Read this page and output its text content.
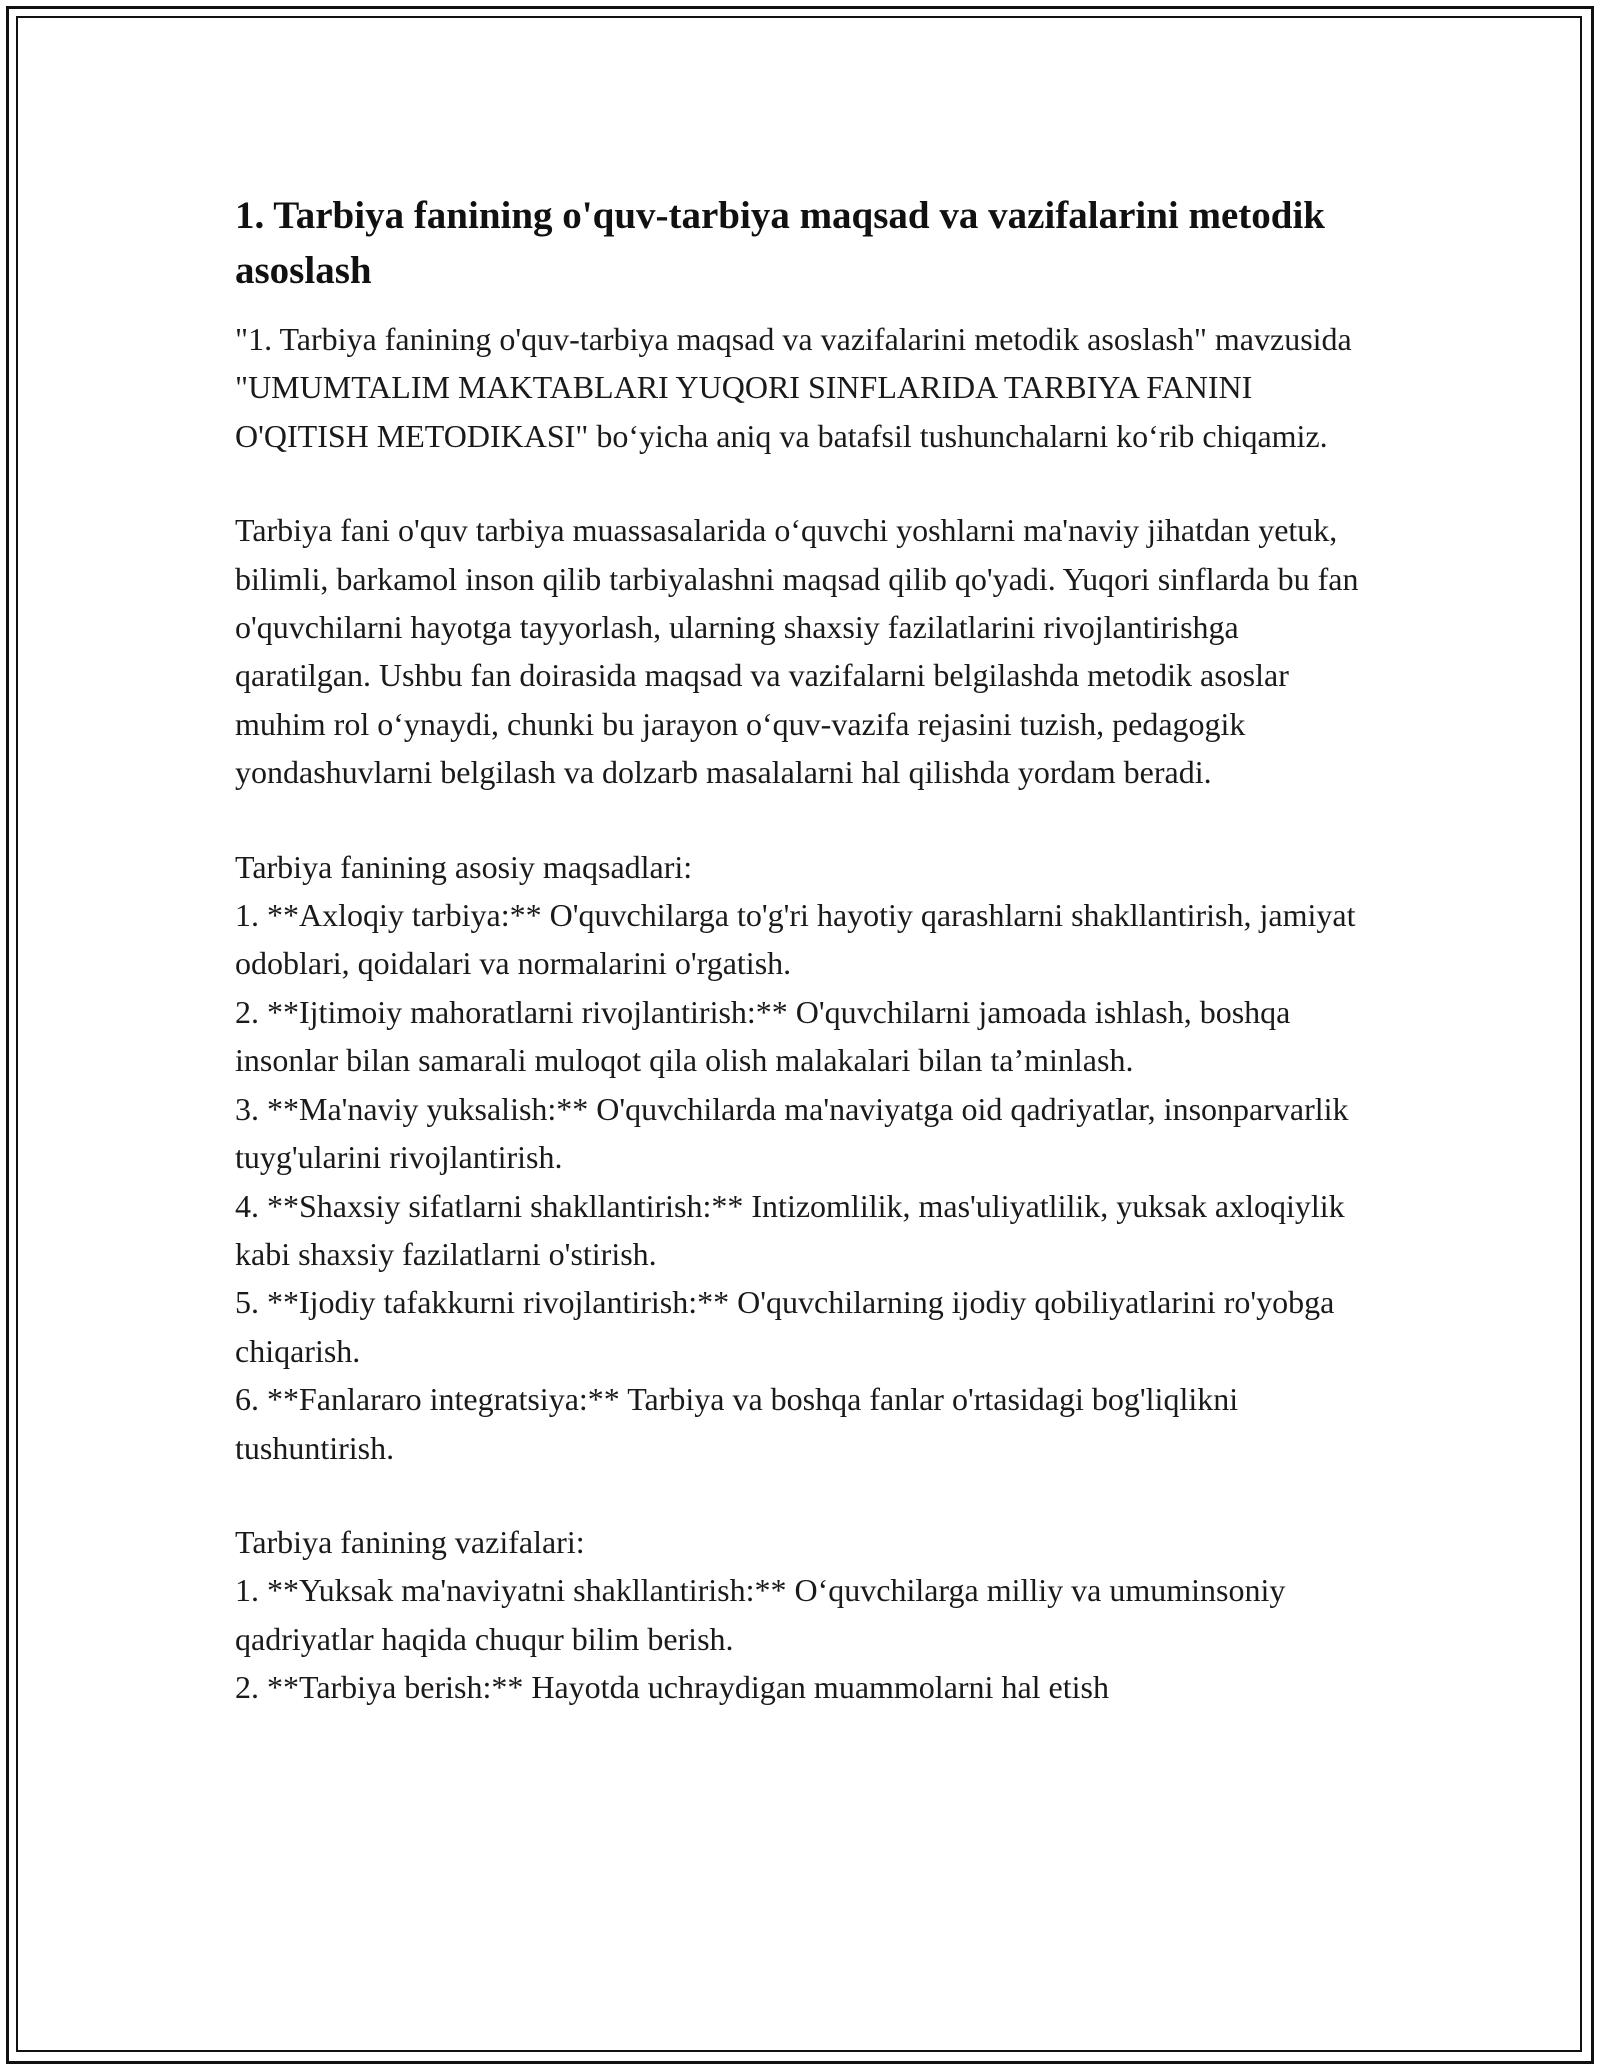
1. Tarbiya fanining o'quv-tarbiya maqsad va vazifalarini metodik asoslash

"1. Tarbiya fanining o'quv-tarbiya maqsad va vazifalarini metodik asoslash" mavzusida "UMUMTALIM MAKTABLARI YUQORI SINFLARIDA TARBIYA FANINI O'QITISH METODIKASI" bo‘yicha aniq va batafsil tushunchalarni ko‘rib chiqamiz.

Tarbiya fani o'quv tarbiya muassasalarida o‘quvchi yoshlarni ma'naviy jihatdan yetuk, bilimli, barkamol inson qilib tarbiyalashni maqsad qilib qo'yadi. Yuqori sinflarda bu fan o'quvchilarni hayotga tayyorlash, ularning shaxsiy fazilatlarini rivojlantirishga qaratilgan. Ushbu fan doirasida maqsad va vazifalarni belgilashda metodik asoslar muhim rol o‘ynaydi, chunki bu jarayon o‘quv-vazifa rejasini tuzish, pedagogik yondashuvlarni belgilash va dolzarb masalalarni hal qilishda yordam beradi.

Tarbiya fanining asosiy maqsadlari:

1. **Axloqiy tarbiya:** O'quvchilarga to'g'ri hayotiy qarashlarni shakllantirish, jamiyat odoblari, qoidalari va normalarini o'rgatish.

2. **Ijtimoiy mahoratlarni rivojlantirish:** O'quvchilarni jamoada ishlash, boshqa insonlar bilan samarali muloqot qila olish malakalari bilan ta’minlash.

3. **Ma'naviy yuksalish:** O'quvchilarda ma'naviyatga oid qadriyatlar, insonparvarlik tuyg'ularini rivojlantirish.

4. **Shaxsiy sifatlarni shakllantirish:** Intizomlilik, mas'uliyatlilik, yuksak axloqiylik kabi shaxsiy fazilatlarni o'stirish.

5. **Ijodiy tafakkurni rivojlantirish:** O'quvchilarning ijodiy qobiliyatlarini ro'yobga chiqarish.

6. **Fanlararo integratsiya:** Tarbiya va boshqa fanlar o'rtasidagi bog'liqlikni tushuntirish.

Tarbiya fanining vazifalari:

1. **Yuksak ma'naviyatni shakllantirish:** O‘quvchilarga milliy va umuminsoniy qadriyatlar haqida chuqur bilim berish.

2. **Tarbiya berish:** Hayotda uchraydigan muammolarni hal etish
